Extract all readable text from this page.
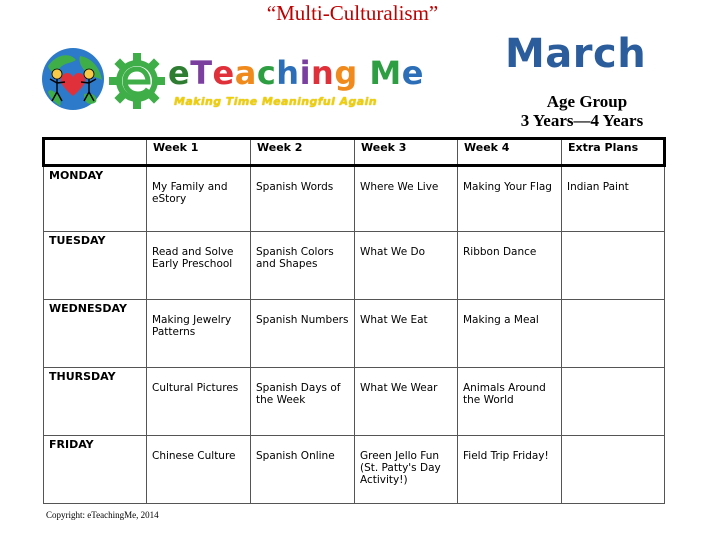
“Multi-Culturalism”
eTeaching Me
Making Time Meaningful Again
March
Age Group
3 Years—4 Years
	Week 1	Week 2	Week 3	Week 4	Extra Plans
MONDAY	My Family and eStory	Spanish Words	Where We Live	Making Your Flag	Indian Paint
TUESDAY	Read and Solve Early Preschool	Spanish Colors and Shapes	What We Do	Ribbon Dance	
WEDNESDAY	Making Jewelry Patterns	Spanish Numbers	What We Eat	Making a Meal	
THURSDAY	Cultural Pictures	Spanish Days of the Week	What We Wear	Animals Around the World	
FRIDAY	Chinese Culture	Spanish Online	Green Jello Fun (St. Patty's Day Activity!)	Field Trip Friday!	
Copyright: eTeachingMe, 2014
